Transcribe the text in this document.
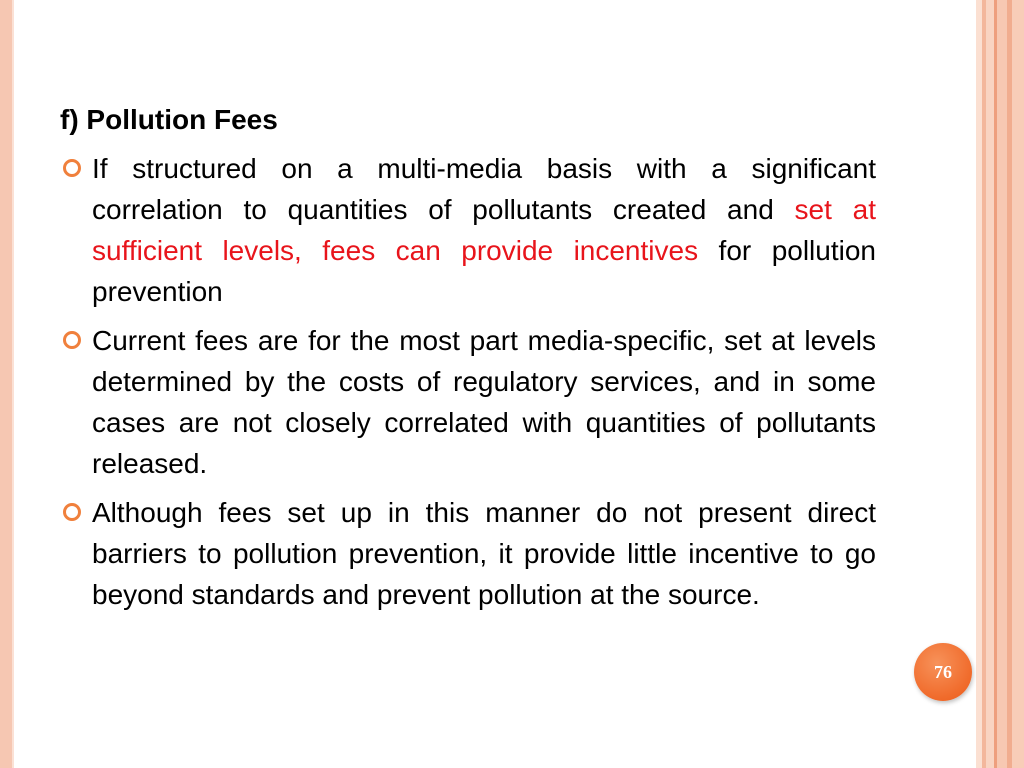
f) Pollution Fees
If structured on a multi-media basis with a significant correlation to quantities of pollutants created and set at sufficient levels, fees can provide incentives for pollution prevention
Current fees are for the most part media-specific, set at levels determined by the costs of regulatory services, and in some cases are not closely correlated with quantities of pollutants released.
Although fees set up in this manner do not present direct barriers to pollution prevention, it provide little incentive to go beyond standards and prevent pollution at the source.
76
